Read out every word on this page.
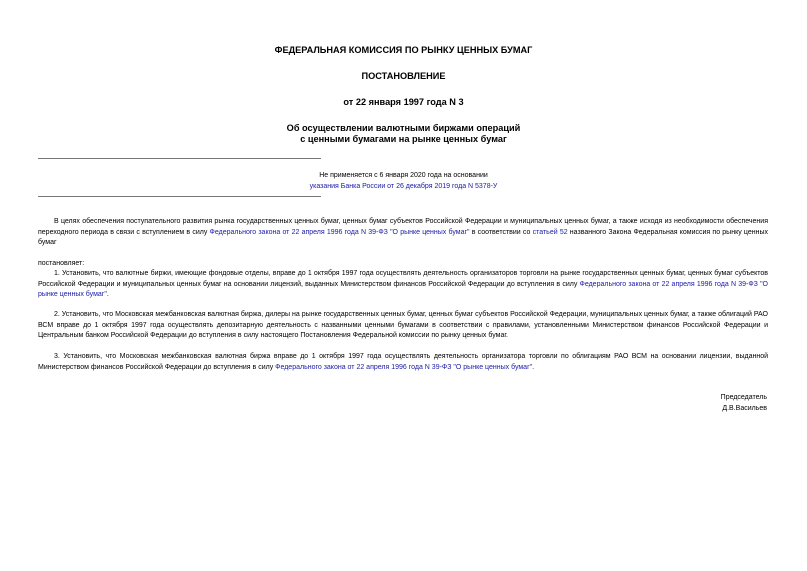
ФЕДЕРАЛЬНАЯ КОМИССИЯ ПО РЫНКУ ЦЕННЫХ БУМАГ
ПОСТАНОВЛЕНИЕ
от 22 января 1997 года N 3
Об осуществлении валютными биржами операций
с ценными бумагами на рынке ценных бумаг
Не применяется с 6 января 2020 года на основании
указания Банка России от 26 декабря 2019 года N 5378-У
В целях обеспечения поступательного развития рынка государственных ценных бумаг, ценных бумаг субъектов Российской Федерации и муниципальных ценных бумаг, а также исходя из необходимости обеспечения переходного периода в связи с вступлением в силу Федерального закона от 22 апреля 1996 года N 39-ФЗ "О рынке ценных бумаг" в соответствии со статьей 52 названного Закона Федеральная комиссия по рынку ценных бумаг
постановляет:
1. Установить, что валютные биржи, имеющие фондовые отделы, вправе до 1 октября 1997 года осуществлять деятельность организаторов торговли на рынке государственных ценных бумаг, ценных бумаг субъектов Российской Федерации и муниципальных ценных бумаг на основании лицензий, выданных Министерством финансов Российской Федерации до вступления в силу Федерального закона от 22 апреля 1996 года N 39-ФЗ "О рынке ценных бумаг".
2. Установить, что Московская межбанковская валютная биржа, дилеры на рынке государственных ценных бумаг, ценных бумаг субъектов Российской Федерации, муниципальных ценных бумаг, а также облигаций РАО ВСМ вправе до 1 октября 1997 года осуществлять депозитарную деятельность с названными ценными бумагами в соответствии с правилами, установленными Министерством финансов Российской Федерации и Центральным банком Российской Федерации до вступления в силу настоящего Постановления Федеральной комиссии по рынку ценных бумаг.
3. Установить, что Московская межбанковская валютная биржа вправе до 1 октября 1997 года осуществлять деятельность организатора торговли по облигациям РАО ВСМ на основании лицензии, выданной Министерством финансов Российской Федерации до вступления в силу Федерального закона от 22 апреля 1996 года N 39-ФЗ "О рынке ценных бумаг".
Председатель
Д.В.Васильев
